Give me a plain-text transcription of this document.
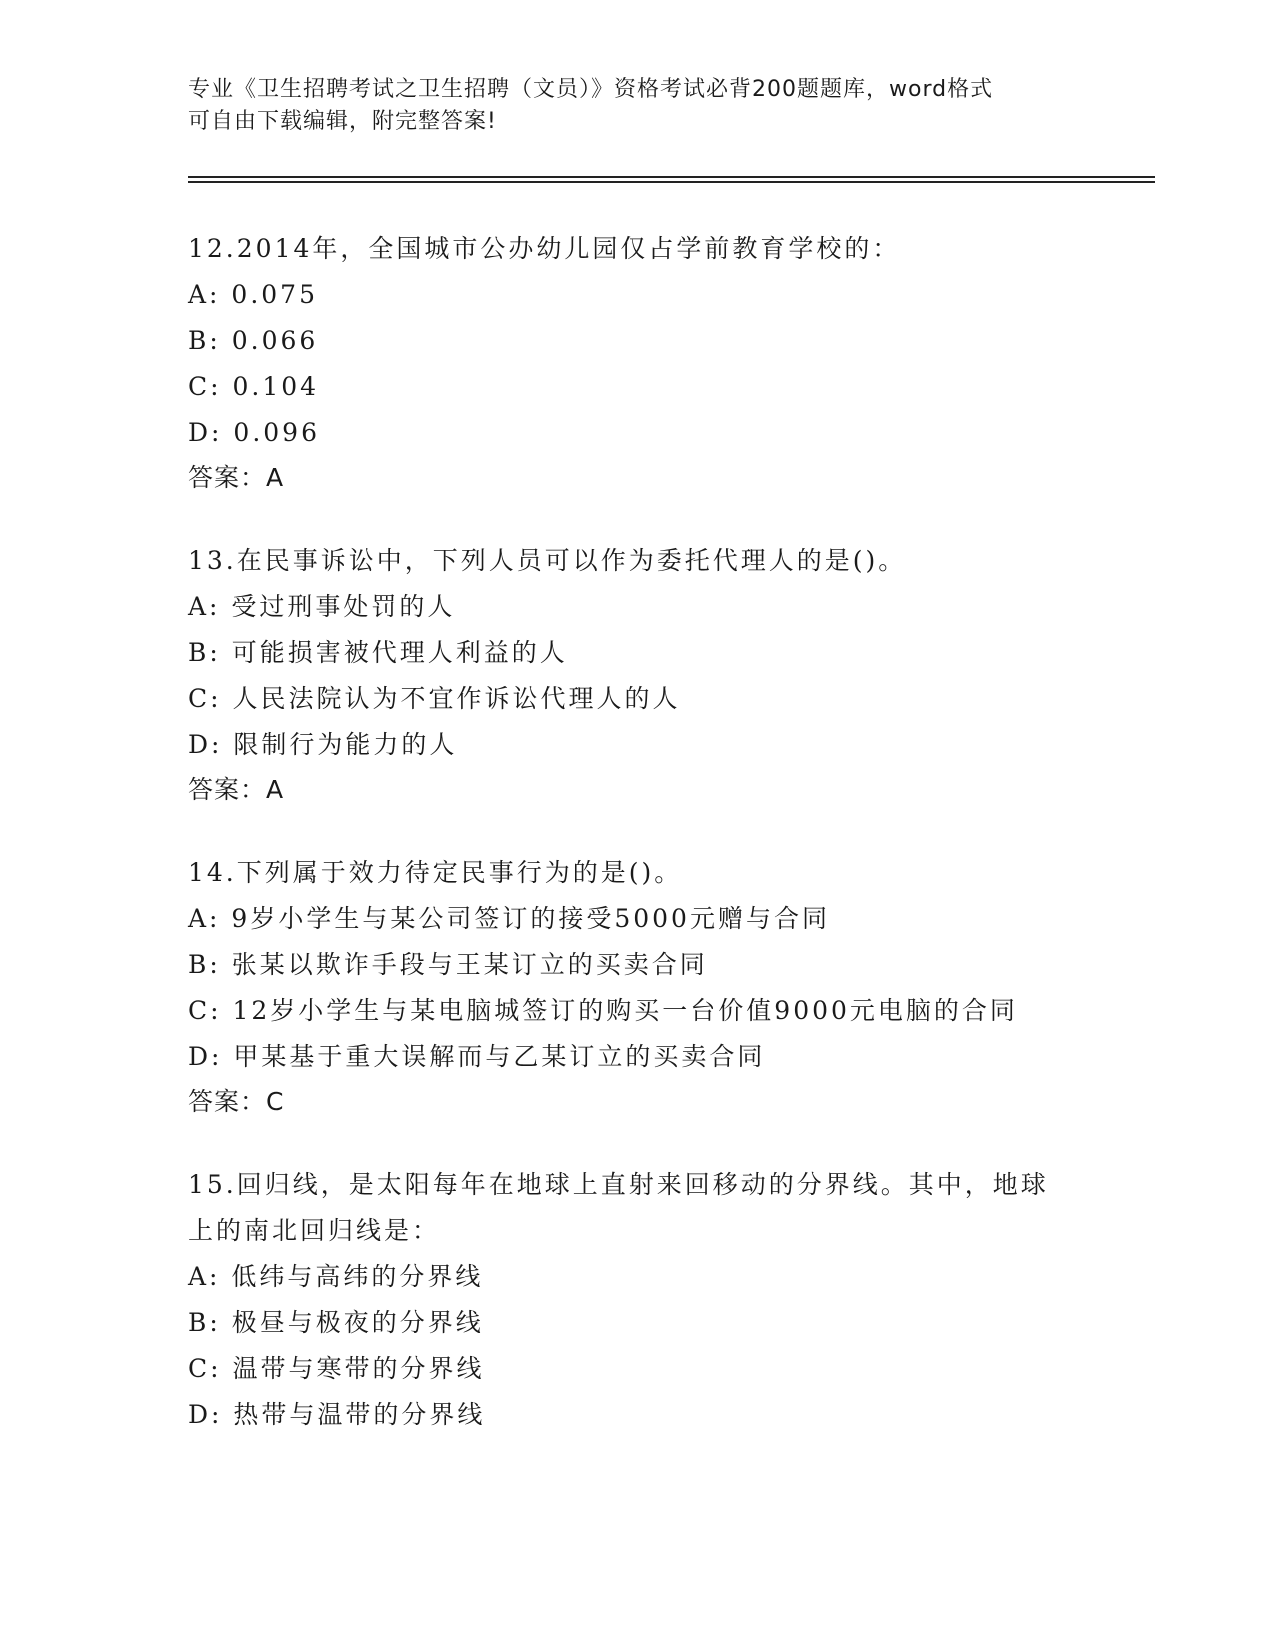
专业《卫生招聘考试之卫生招聘（文员）》资格考试必背200题题库，word格式
可自由下载编辑，附完整答案!
12.2014年，全国城市公办幼儿园仅占学前教育学校的：
A: 0.075
B: 0.066
C: 0.104
D: 0.096
答案：A
13.在民事诉讼中，下列人员可以作为委托代理人的是()。
A: 受过刑事处罚的人
B: 可能损害被代理人利益的人
C: 人民法院认为不宜作诉讼代理人的人
D: 限制行为能力的人
答案：A
14.下列属于效力待定民事行为的是()。
A: 9岁小学生与某公司签订的接受5000元赠与合同
B: 张某以欺诈手段与王某订立的买卖合同
C: 12岁小学生与某电脑城签订的购买一台价值9000元电脑的合同
D: 甲某基于重大误解而与乙某订立的买卖合同
答案：C
15.回归线，是太阳每年在地球上直射来回移动的分界线。其中，地球
上的南北回归线是：
A: 低纬与高纬的分界线
B: 极昼与极夜的分界线
C: 温带与寒带的分界线
D: 热带与温带的分界线
